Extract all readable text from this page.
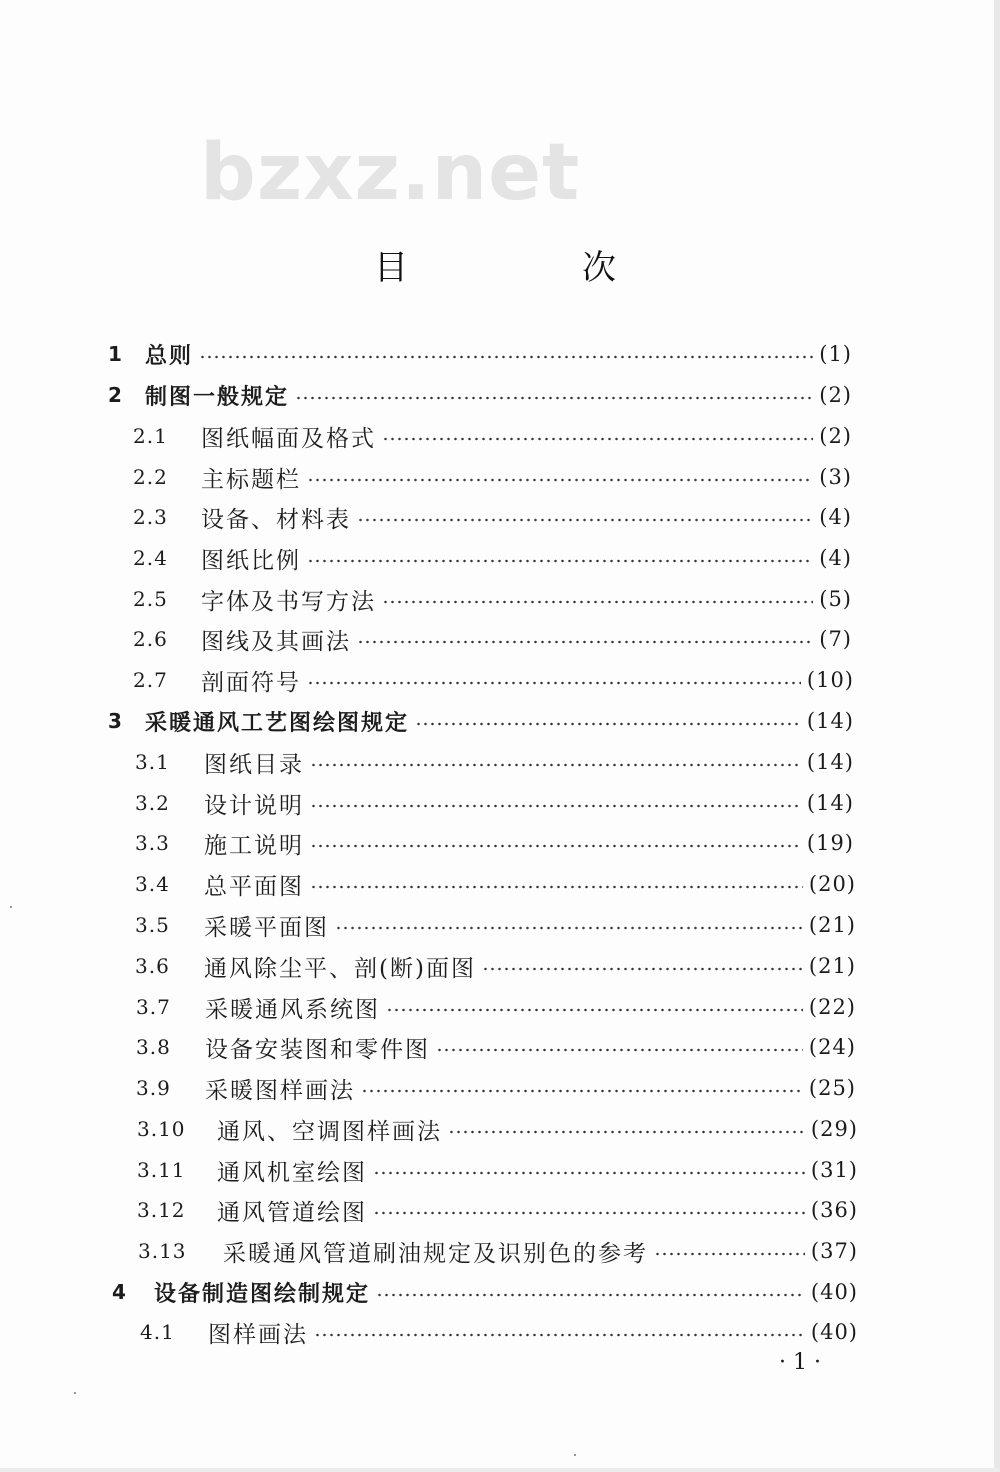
bzxz.net
目　次
1	总则	(1)
2	制图一般规定	(2)
2.1	图纸幅面及格式	(2)
2.2	主标题栏	(3)
2.3	设备、材料表	(4)
2.4	图纸比例	(4)
2.5	字体及书写方法	(5)
2.6	图线及其画法	(7)
2.7	剖面符号	(10)
3	采暖通风工艺图绘图规定	(14)
3.1	图纸目录	(14)
3.2	设计说明	(14)
3.3	施工说明	(19)
3.4	总平面图	(20)
3.5	采暖平面图	(21)
3.6	通风除尘平、剖(断)面图	(21)
3.7	采暖通风系统图	(22)
3.8	设备安装图和零件图	(24)
3.9	采暖图样画法	(25)
3.10	通风、空调图样画法	(29)
3.11	通风机室绘图	(31)
3.12	通风管道绘图	(36)
3.13	采暖通风管道刷油规定及识别色的参考	(37)
4	设备制造图绘制规定	(40)
4.1	图样画法	(40)
· 1 ·
